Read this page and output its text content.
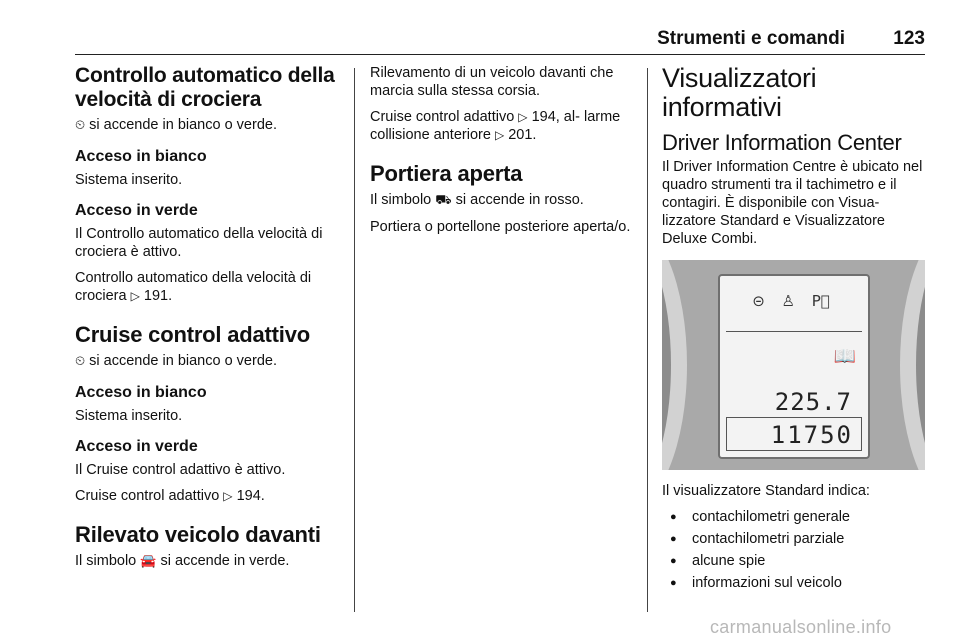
Strumenti e comandi	123
Controllo automatico della velocità di crociera

⏲ si accende in bianco o verde.

Acceso in bianco

Sistema inserito.

Acceso in verde

Il Controllo automatico della velocità di crociera è attivo.

Controllo automatico della velocità di crociera ▷ 191.

Cruise control adattivo

⏲ si accende in bianco o verde.

Acceso in bianco

Sistema inserito.

Acceso in verde

Il Cruise control adattivo è attivo.

Cruise control adattivo ▷ 194.

Rilevato veicolo davanti

Il simbolo 🚘 si accende in verde.

Rilevamento di un veicolo davanti che marcia sulla stessa corsia.

Cruise control adattivo ▷ 194, al- larme collisione anteriore ▷ 201.

Portiera aperta

Il simbolo ⛟ si accende in rosso.

Portiera o portellone posteriore aperta/o.

Visualizzatori informativi
Driver Information Center

Il Driver Information Centre è ubicato nel quadro strumenti tra il tachimetro e il contagiri. È disponibile con Visua-lizzatore Standard e Visualizzatore Deluxe Combi.

⊝ ♙ P᪲
📖
225.7
11750

Il visualizzatore Standard indica:

● contachilometri generale
● contachilometri parziale
● alcune spie
● informazioni sul veicolo
carmanualsonline.info
